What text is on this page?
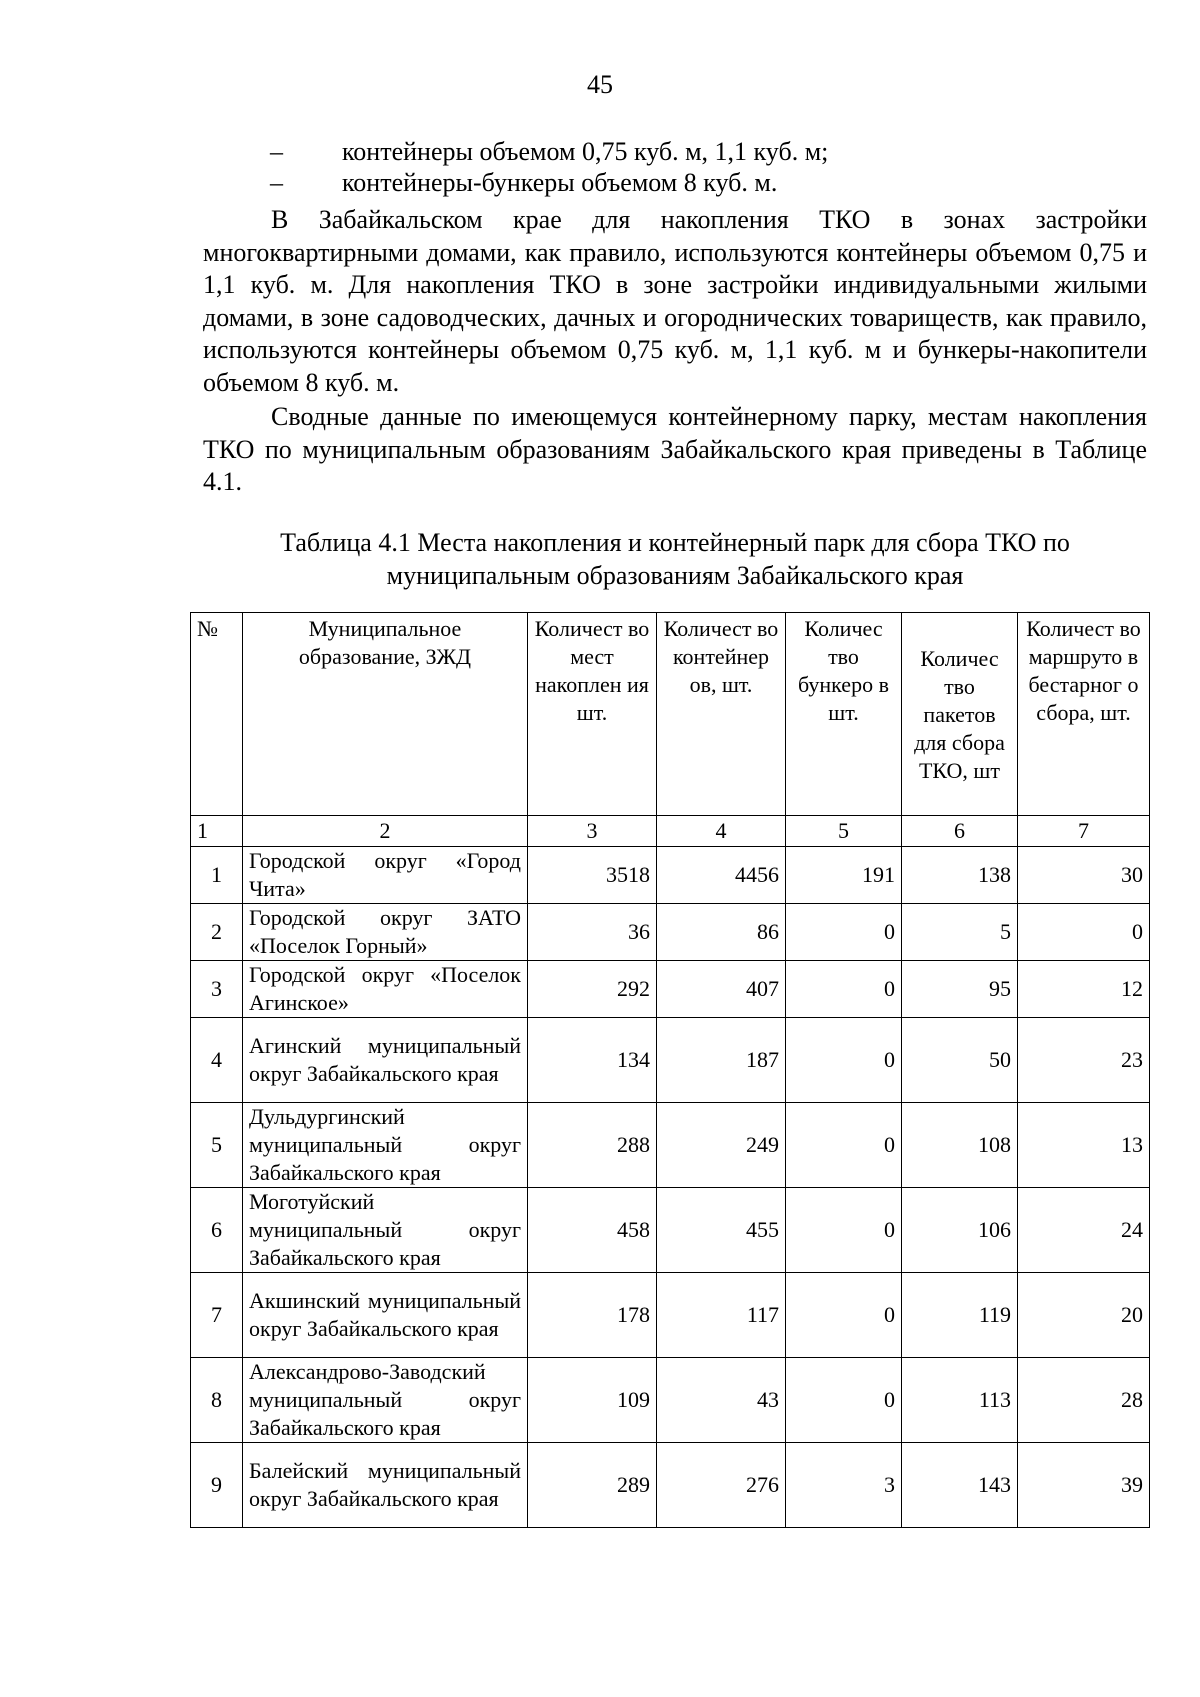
45
–	контейнеры объемом 0,75 куб. м, 1,1 куб. м;
–	контейнеры-бункеры объемом 8 куб. м.

В Забайкальском крае для накопления ТКО в зонах застройки многоквартирными домами, как правило, используются контейнеры объемом 0,75 и 1,1 куб. м. Для накопления ТКО в зоне застройки индивидуальными жилыми домами, в зоне садоводческих, дачных и огороднических товариществ, как правило, используются контейнеры объемом 0,75 куб. м, 1,1 куб. м и бункеры-накопители объемом 8 куб. м.

Сводные данные по имеющемуся контейнерному парку, местам накопления ТКО по муниципальным образованиям Забайкальского края приведены в Таблице 4.1.

Таблица 4.1 Места накопления и контейнерный парк для сбора ТКО по
муниципальным образованиям Забайкальского края
№	Муниципальное образование, ЗЖД	Количест во мест накоплен ия шт.	Количест во контейнер ов, шт.	Количес тво бункеро в шт.	Количес тво пакетов для сбора ТКО, шт	Количест во маршруто в бестарног о сбора, шт.
1	2	3	4	5	6	7
1	Городской округ «Город Чита»	3518	4456	191	138	30
2	Городской округ ЗАТО «Поселок Горный»	36	86	0	5	0
3	Городской округ «Поселок Агинское»	292	407	0	95	12
4	Агинский муниципальный округ Забайкальского края	134	187	0	50	23
5	Дульдургинский муниципальный округ Забайкальского края	288	249	0	108	13
6	Моготуйский муниципальный округ Забайкальского края	458	455	0	106	24
7	Акшинский муниципальный округ Забайкальского края	178	117	0	119	20
8	Александрово-Заводский муниципальный округ Забайкальского края	109	43	0	113	28
9	Балейский муниципальный округ Забайкальского края	289	276	3	143	39
